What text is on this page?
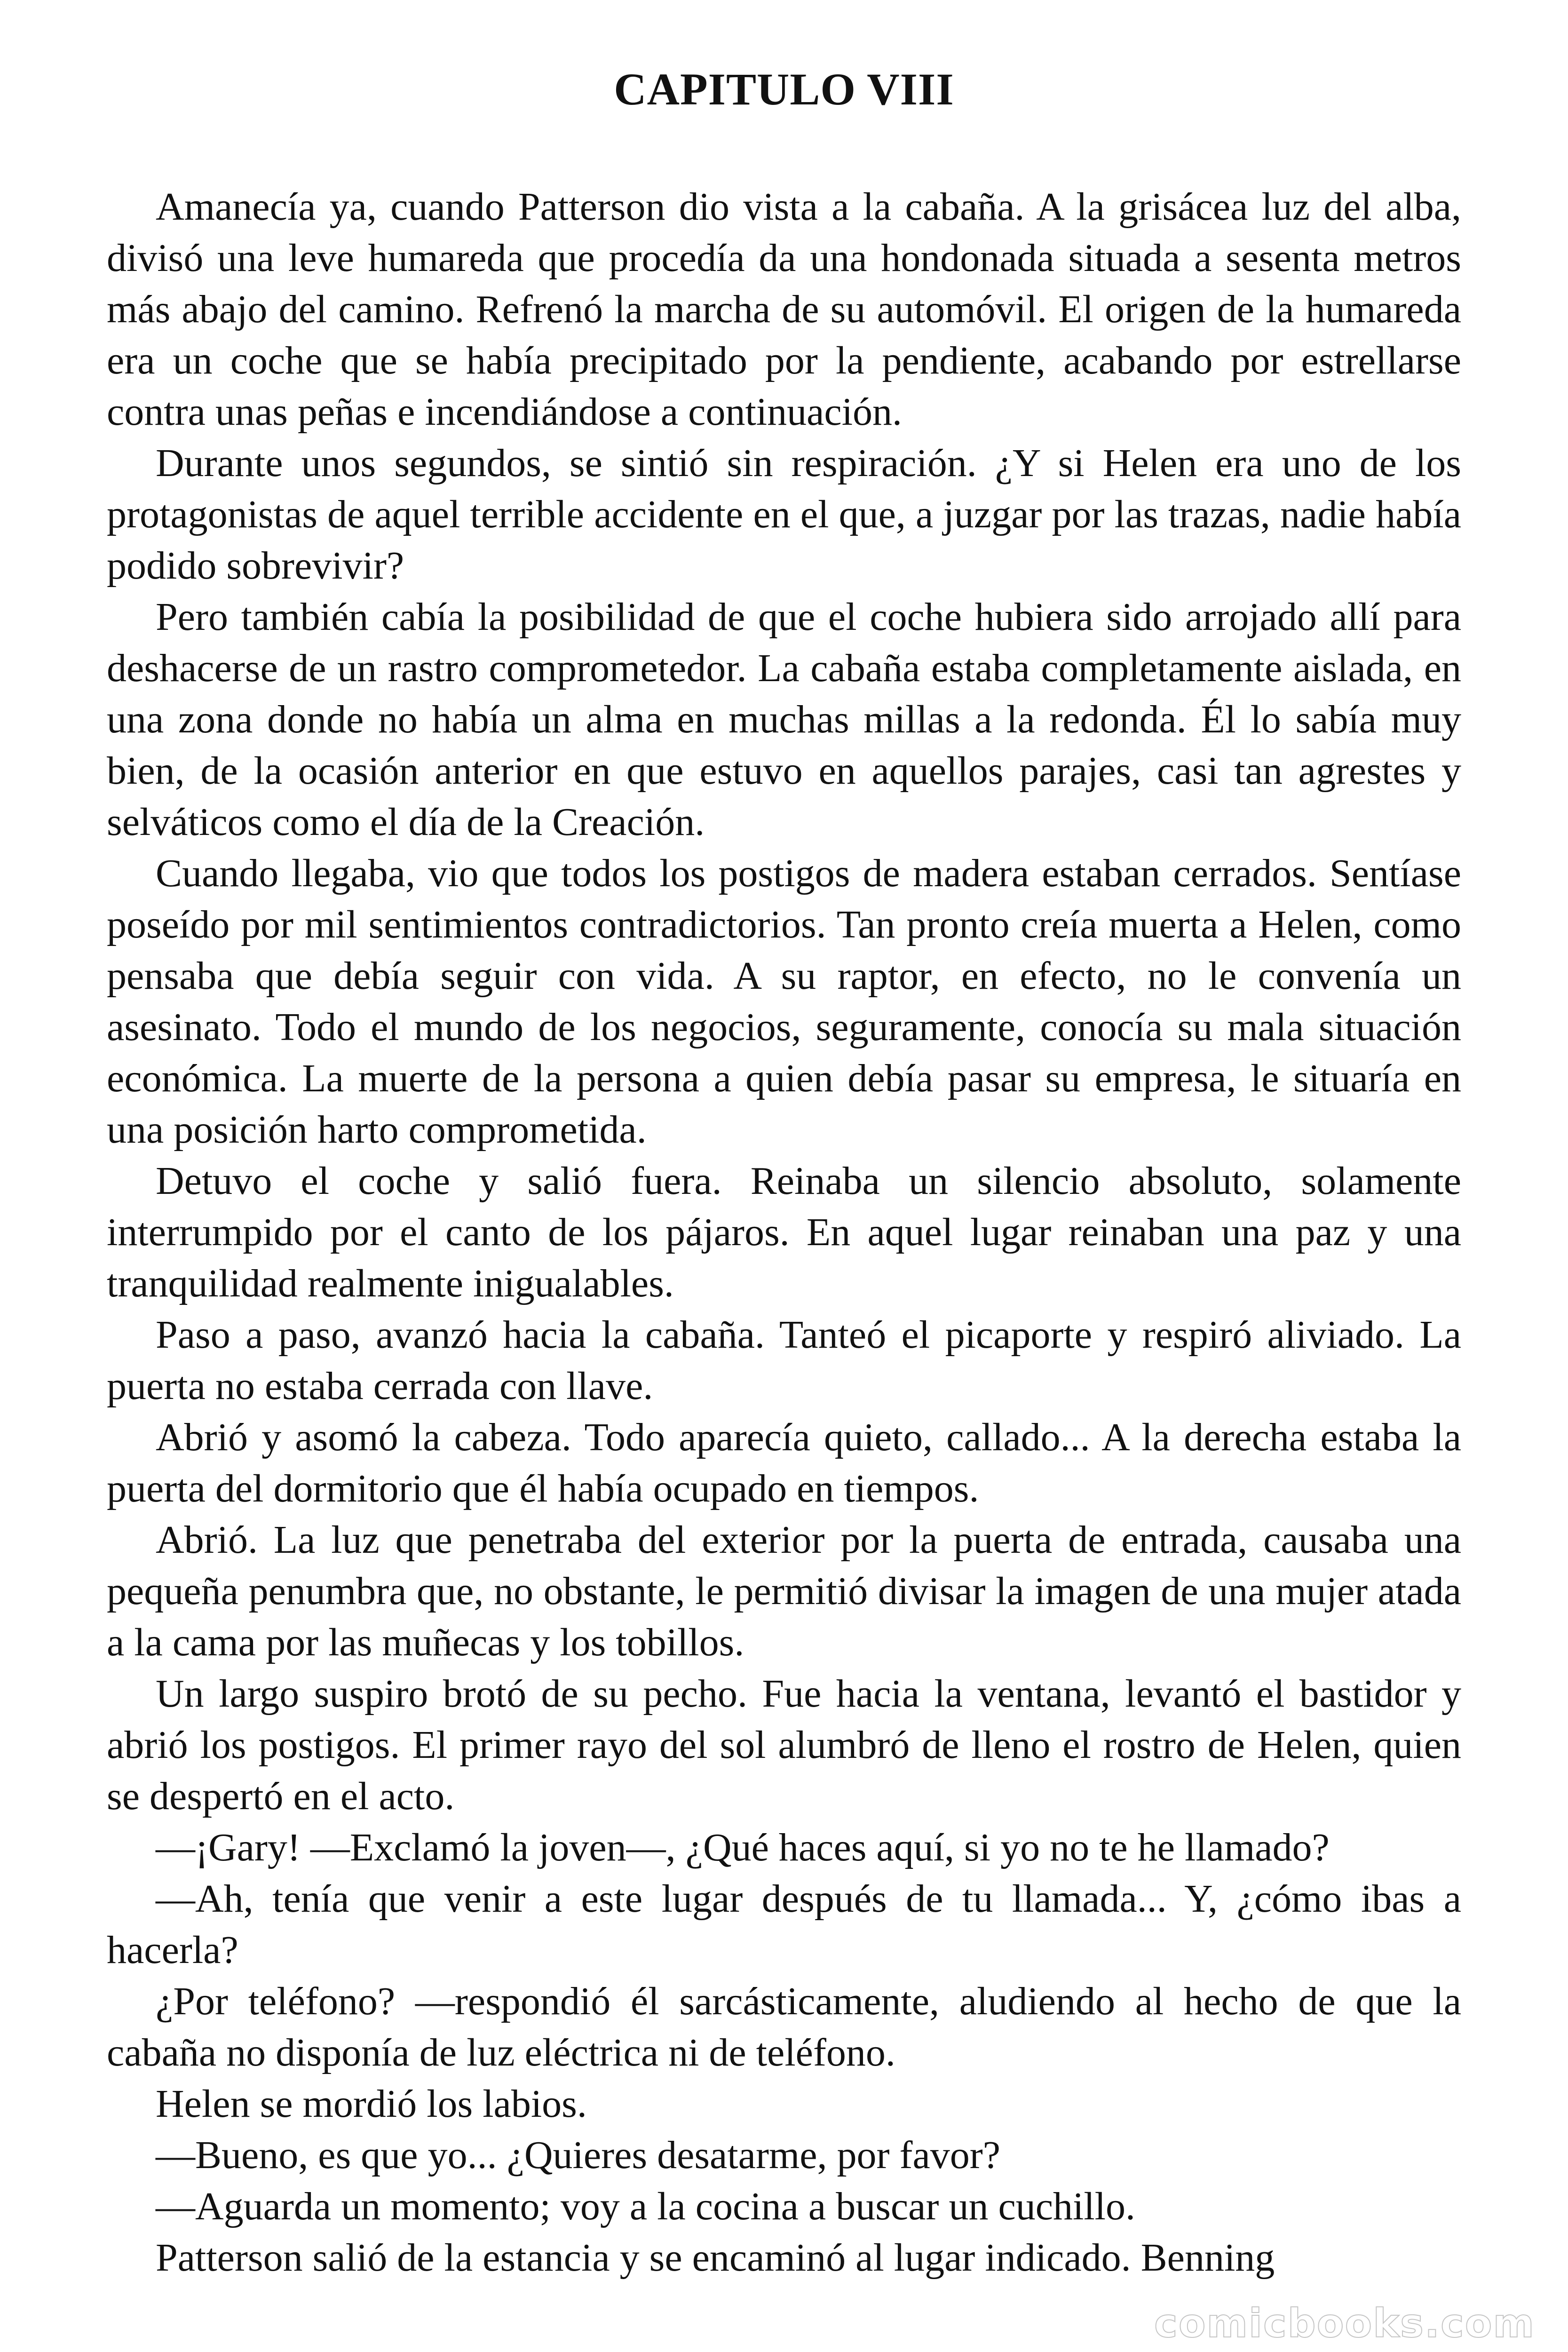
CAPITULO VIII

Amanecía ya, cuando Patterson dio vista a la cabaña. A la grisácea luz del alba, divisó una leve humareda que procedía da una hondonada situada a sesenta metros más abajo del camino. Refrenó la marcha de su automóvil. El origen de la humareda era un coche que se había precipitado por la pendiente, acabando por estrellarse contra unas peñas e incendiándose a continuación.

Durante unos segundos, se sintió sin respiración. ¿Y si Helen era uno de los protagonistas de aquel terrible accidente en el que, a juzgar por las trazas, nadie había podido sobrevivir?

Pero también cabía la posibilidad de que el coche hubiera sido arrojado allí para deshacerse de un rastro comprometedor. La cabaña estaba completamente aislada, en una zona donde no había un alma en muchas millas a la redonda. Él lo sabía muy bien, de la ocasión anterior en que estuvo en aquellos parajes, casi tan agrestes y selváticos como el día de la Creación.

Cuando llegaba, vio que todos los postigos de madera estaban cerrados. Sentíase poseído por mil sentimientos contradictorios. Tan pronto creía muerta a Helen, como pensaba que debía seguir con vida. A su raptor, en efecto, no le convenía un asesinato. Todo el mundo de los negocios, seguramente, conocía su mala situación económica. La muerte de la persona a quien debía pasar su empresa, le situaría en una posición harto comprometida.

Detuvo el coche y salió fuera. Reinaba un silencio absoluto, solamente interrumpido por el canto de los pájaros. En aquel lugar reinaban una paz y una tranquilidad realmente inigualables.

Paso a paso, avanzó hacia la cabaña. Tanteó el picaporte y respiró aliviado. La puerta no estaba cerrada con llave.

Abrió y asomó la cabeza. Todo aparecía quieto, callado... A la derecha estaba la puerta del dormitorio que él había ocupado en tiempos.

Abrió. La luz que penetraba del exterior por la puerta de entrada, causaba una pequeña penumbra que, no obstante, le permitió divisar la imagen de una mujer atada a la cama por las muñecas y los tobillos.

Un largo suspiro brotó de su pecho. Fue hacia la ventana, levantó el bastidor y abrió los postigos. El primer rayo del sol alumbró de lleno el rostro de Helen, quien se despertó en el acto.

—¡Gary! —Exclamó la joven—, ¿Qué haces aquí, si yo no te he llamado?

—Ah, tenía que venir a este lugar después de tu llamada... Y, ¿cómo ibas a hacerla?

¿Por teléfono? —respondió él sarcásticamente, aludiendo al hecho de que la cabaña no disponía de luz eléctrica ni de teléfono.

Helen se mordió los labios.

—Bueno, es que yo... ¿Quieres desatarme, por favor?

—Aguarda un momento; voy a la cocina a buscar un cuchillo.

Patterson salió de la estancia y se encaminó al lugar indicado. Benning

comicbooks.com
